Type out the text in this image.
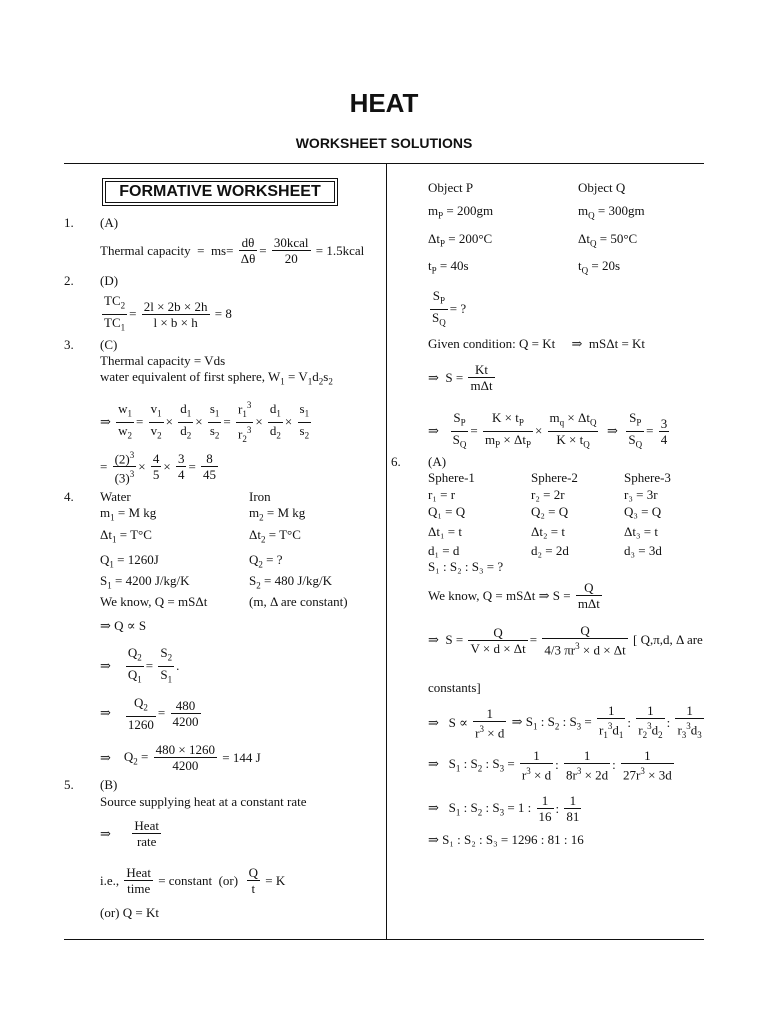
HEAT
WORKSHEET SOLUTIONS
FORMATIVE WORKSHEET
1. (A)
Thermal capacity  =  $ms= \frac{d\theta}{\Delta\theta} = \frac{\text{30kcal}}{20}$ = 1.5kcal
2. (D)
$\frac{TC_2}{TC_1} = \frac{2l \times 2b \times 2h}{l \times b \times h} = 8$
3. (C)
Thermal capacity = Vds
water equivalent of first sphere, $W_1 = V_1d_2s_2$
⇒ $\frac{w_1}{w_2} = \frac{v_1}{v_2} \times \frac{d_1}{d_2} \times \frac{s_1}{s_2} = \frac{r_1^3}{r_2^3} \times \frac{d_1}{d_2} \times \frac{s_1}{s_2}$
= $\frac{(2)^3}{(3)^3} \times \frac{4}{5} \times \frac{3}{4} = \frac{8}{45}$
4. Water	Iron
$m_1 = M$ kg	$m_2 = M$ kg
$\Delta t_1 = T^\circ C$	$\Delta t_2 = T^\circ C$
$Q_1 = 1260J$	$Q_2$ = ?
$S_1 = 4200$ J/kg/K	$S_2 = 480$ J/kg/K
We know, Q = mSΔt	(m, Δ are constant)
⇒ Q ∝ S
⇒ $\frac{Q_2}{Q_1} = \frac{S_2}{S_1}$ .
⇒ $\frac{Q_2}{1260} = \frac{480}{4200}$
⇒    $Q_2 = \frac{480 \times 1260}{4200} = 144$ J
5. (B)
Source supplying heat at a constant rate
⇒ $\frac{\text{Heat}}{\text{rate}}$
i.e., $\frac{\text{Heat}}{\text{time}}$ = constant $(or) \frac{Q}{t} = K$
(or) Q = Kt
Object P	Object Q
$m_P = 200gm$	$m_Q = 300gm$
$\Delta t_P = 200^\circ C$	$\Delta t_Q = 50^\circ C$
$t_P = 40s$	$t_Q = 20s$
$\frac{S_P}{S_Q}$ = ?
Given condition: Q = Kt     ⇒  mSΔt = Kt
⇒  $S = \frac{Kt}{\text{mΔt}}$
⇒ $\frac{S_P}{S_Q} = \frac{K \times t_P}{m_P \times \Delta t_P} \times \frac{m_q \times \Delta t_Q}{K \times t_Q}$ ⇒ $\frac{S_P}{S_Q} = \frac{3}{4}$
6. (A)
Sphere-1	Sphere-2	Sphere-3
r₁ = r	r₂ = 2r	r₃ = 3r
Q₁ = Q	Q₂ = Q	Q₃ = Q
Δt₁ = t	Δt₂ = t	Δt₃ = t
d₁ = d	d₂ = 2d	d₃ = 3d
S₁ : S₂ : S₃ = ?
We know, Q = mSΔt ⇒ $S = \frac{Q}{\text{mΔt}}$
⇒  $S = \frac{Q}{V \times d \times \Delta t} = \frac{Q}{4/3 \pi r^3 \times d \times \Delta t}$ [ Q,π,d, Δ are
constants]
⇒   $S \propto \frac{1}{r^3 \times d}$ ⇒ $S_1$ : $S_2$ : $S_3 = \frac{1}{r_1^3d_1}$ : $\frac{1}{r_2^3d_2}$ : $\frac{1}{r_3^3d_3}$
⇒   $S_1$ : $S_2$ : $S_3 = \frac{1}{r^3 \times d}$ : $\frac{1}{8r^3 \times 2d}$ : $\frac{1}{27r^3 \times 3d}$
⇒   $S_1$ : $S_2$ : $S_3 = 1$ : $\frac{1}{16}$ : $\frac{1}{81}$
⇒ S₁ : S₂ : S₃ = 1296 : 81 : 16
